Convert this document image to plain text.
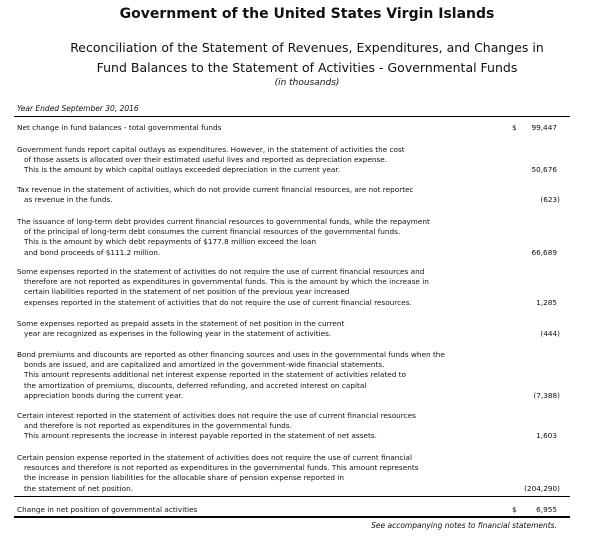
Government of the United States Virgin Islands
Reconciliation of the Statement of Revenues, Expenditures, and Changes in
Fund Balances to the Statement of Activities - Governmental Funds
(in thousands)
Year Ended September 30, 2016
Net change in fund balances - total governmental funds	$ 99,447
Government funds report capital outlays as expenditures. However, in the statement of activities the cost
of those assets is allocated over their estimated useful lives and reported as depreciation expense.
This is the amount by which capital outlays exceeded depreciation in the current year.	50,676
Tax revenue in the statement of activities, which do not provide current financial resources, are not reportec
as revenue in the funds.	(623)
The issuance of long-term debt provides current financial resources to governmental funds, while the repayment
of the principal of long-term debt consumes the current financial resources of the governmental funds.
This is the amount by which debt repayments of $177.8 million exceed the loan
and bond proceeds of $111.2 million.	66,689
Some expenses reported in the statement of activities do not require the use of current financial resources and
therefore are not reported as expenditures in governmental funds. This is the amount by which the increase in
certain liabilities reported in the statement of net position of the previous year increased
expenses reported in the statement of activities that do not require the use of current financial resources.	1,285
Some expenses reported as prepaid assets in the statement of net position in the current
year are recognized as expenses in the following year in the statement of activities.	(444)
Bond premiums and discounts are reported as other financing sources and uses in the governmental funds when the
bonds are issued, and are capitalized and amortized in the government-wide financial statements.
This amount represents additional net interest expense reported in the statement of activities related to
the amortization of premiums, discounts, deferred refunding, and accreted interest on capital
appreciation bonds during the current year.	(7,388)
Certain interest reported in the statement of activities does not require the use of current financial resources
and therefore is not reported as expenditures in the governmental funds.
This amount represents the increase in interest payable reported in the statement of net assets.	1,603
Certain pension expense reported in the statement of activities does not require the use of current financial
resources and therefore is not reported as expenditures in the governmental funds. This amount represents
the increase in pension liabilities for the allocable share of pension expense reported in
the statement of net position.	(204,290)
Change in net position of governmental activities	$	6,955
See accompanying notes to financial statements.
